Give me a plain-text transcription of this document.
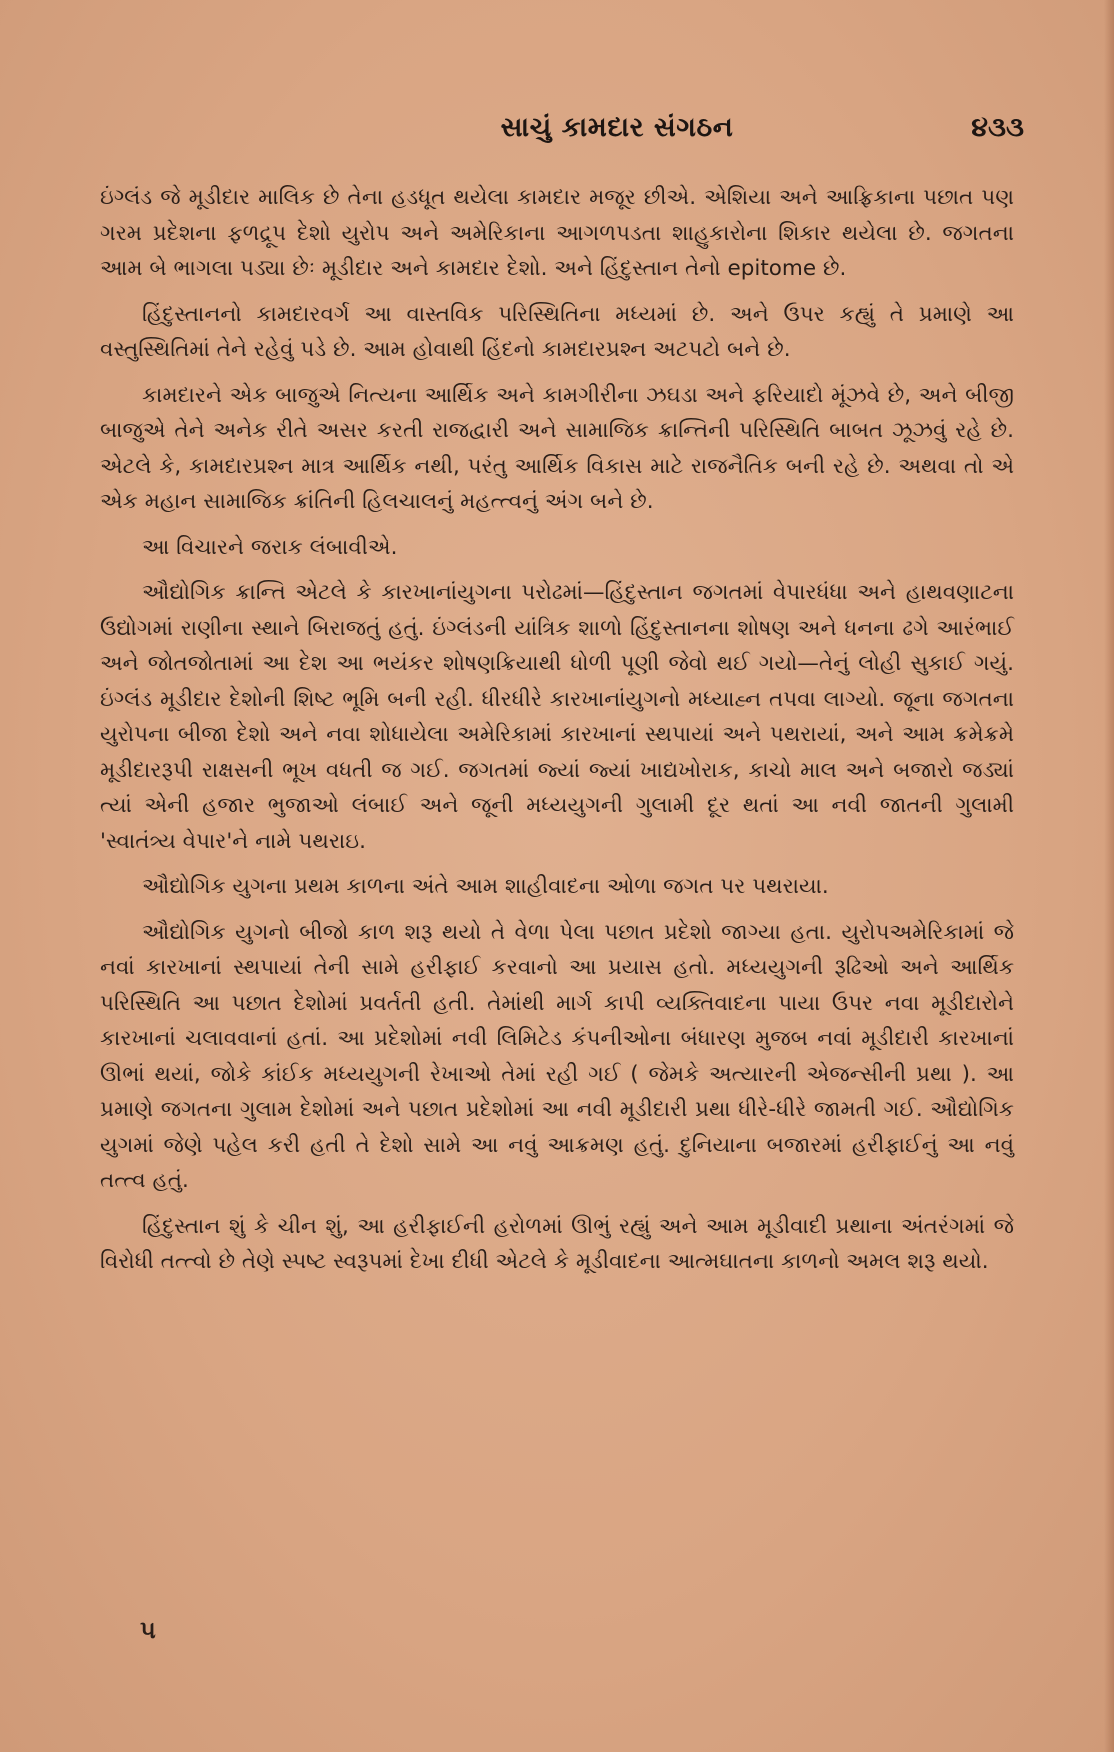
સાચું કામદાર સંગઠન	૪૩૩

ઇંગ્લંડ જે મૂડીદાર માલિક છે તેના હડધૂત થયેલા કામદાર મજૂર છીએ. એશિયા અને આફ્રિકાના પછાત પણ ગરમ પ્રદેશના ફળદ્રૂપ દેશો યુરોપ અને અમેરિકાના આગળપડતા શાહુકારોના શિકાર થયેલા છે. જગતના આમ બે ભાગલા પડ્યા છેઃ મૂડીદાર અને કામદાર દેશો. અને હિંદુસ્તાન તેનો epitome છે.

હિંદુસ્તાનનો કામદારવર્ગ આ વાસ્તવિક પરિસ્થિતિના મધ્યમાં છે. અને ઉપર કહ્યું તે પ્રમાણે આ વસ્તુસ્થિતિમાં તેને રહેવું પડે છે. આમ હોવાથી હિંદનો કામદારપ્રશ્ન અટપટો બને છે.

કામદારને એક બાજુએ નિત્યના આર્થિક અને કામગીરીના ઝઘડા અને ફરિયાદો મૂંઝવે છે, અને બીજી બાજુએ તેને અનેક રીતે અસર કરતી રાજદ્વારી અને સામાજિક ક્રાન્તિની પરિસ્થિતિ બાબત ઝૂઝવું રહે છે. એટલે કે, કામદારપ્રશ્ન માત્ર આર્થિક નથી, પરંતુ આર્થિક વિકાસ માટે રાજનૈતિક બની રહે છે. અથવા તો એ એક મહાન સામાજિક ક્રાંતિની હિલચાલનું મહત્ત્વનું અંગ બને છે.

આ વિચારને જરાક લંબાવીએ.

ઔદ્યોગિક ક્રાન્તિ એટલે કે કારખાનાંયુગના પરોઢમાં—હિંદુસ્તાન જગતમાં વેપારધંધા અને હાથવણાટના ઉદ્યોગમાં રાણીના સ્થાને બિરાજતું હતું. ઇંગ્લંડની યાંત્રિક શાળો હિંદુસ્તાનના શોષણ અને ધનના ઢગે આરંભાઈ અને જોતજોતામાં આ દેશ આ ભયંકર શોષણક્રિયાથી ધોળી પૂણી જેવો થઈ ગયો—તેનું લોહી સુકાઈ ગયું. ઇંગ્લંડ મૂડીદાર દેશોની શિષ્ટ ભૂમિ બની રહી. ધીરધીરે કારખાનાંયુગનો મધ્યાહ્ન તપવા લાગ્યો. જૂના જગતના યુરોપના બીજા દેશો અને નવા શોધાયેલા અમેરિકામાં કારખાનાં સ્થપાયાં અને પથરાયાં, અને આમ ક્રમેક્રમે મૂડીદારરૂપી રાક્ષસની ભૂખ વધતી જ ગઈ. જગતમાં જ્યાં જ્યાં ખાદ્યખોરાક, કાચો માલ અને બજારો જડ્યાં ત્યાં એની હજાર ભુજાઓ લંબાઈ અને જૂની મધ્યયુગની ગુલામી દૂર થતાં આ નવી જાતની ગુલામી 'સ્વાતંત્ર્ય વેપાર'ને નામે પથરાઇ.

ઔદ્યોગિક યુગના પ્રથમ કાળના અંતે આમ શાહીવાદના ઓળા જગત પર પથરાયા.

ઔદ્યોગિક યુગનો બીજો કાળ શરૂ થયો તે વેળા પેલા પછાત પ્રદેશો જાગ્યા હતા. યુરોપઅમેરિકામાં જે નવાં કારખાનાં સ્થપાયાં તેની સામે હરીફાઈ કરવાનો આ પ્રયાસ હતો. મધ્યયુગની રૂઢિઓ અને આર્થિક પરિસ્થિતિ આ પછાત દેશોમાં પ્રવર્તતી હતી. તેમાંથી માર્ગ કાપી વ્યક્તિવાદના પાયા ઉપર નવા મૂડીદારોને કારખાનાં ચલાવવાનાં હતાં. આ પ્રદેશોમાં નવી લિમિટેડ કંપનીઓના બંધારણ મુજબ નવાં મૂડીદારી કારખાનાં ઊભાં થયાં, જોકે કાંઈક મધ્યયુગની રેખાઓ તેમાં રહી ગઈ ( જેમકે અત્યારની એજન્સીની પ્રથા ). આ પ્રમાણે જગતના ગુલામ દેશોમાં અને પછાત પ્રદેશોમાં આ નવી મૂડીદારી પ્રથા ધીરે-ધીરે જામતી ગઈ. ઔદ્યોગિક યુગમાં જેણે પહેલ કરી હતી તે દેશો સામે આ નવું આક્રમણ હતું. દુનિયાના બજારમાં હરીફાઈનું આ નવું તત્ત્વ હતું.

હિંદુસ્તાન શું કે ચીન શું, આ હરીફાઈની હરોળમાં ઊભું રહ્યું અને આમ મૂડીવાદી પ્રથાના અંતરંગમાં જે વિરોધી તત્ત્વો છે તેણે સ્પષ્ટ સ્વરૂપમાં દેખા દીધી એટલે કે મૂડીવાદના આત્મઘાતના કાળનો અમલ શરૂ થયો.

૫
